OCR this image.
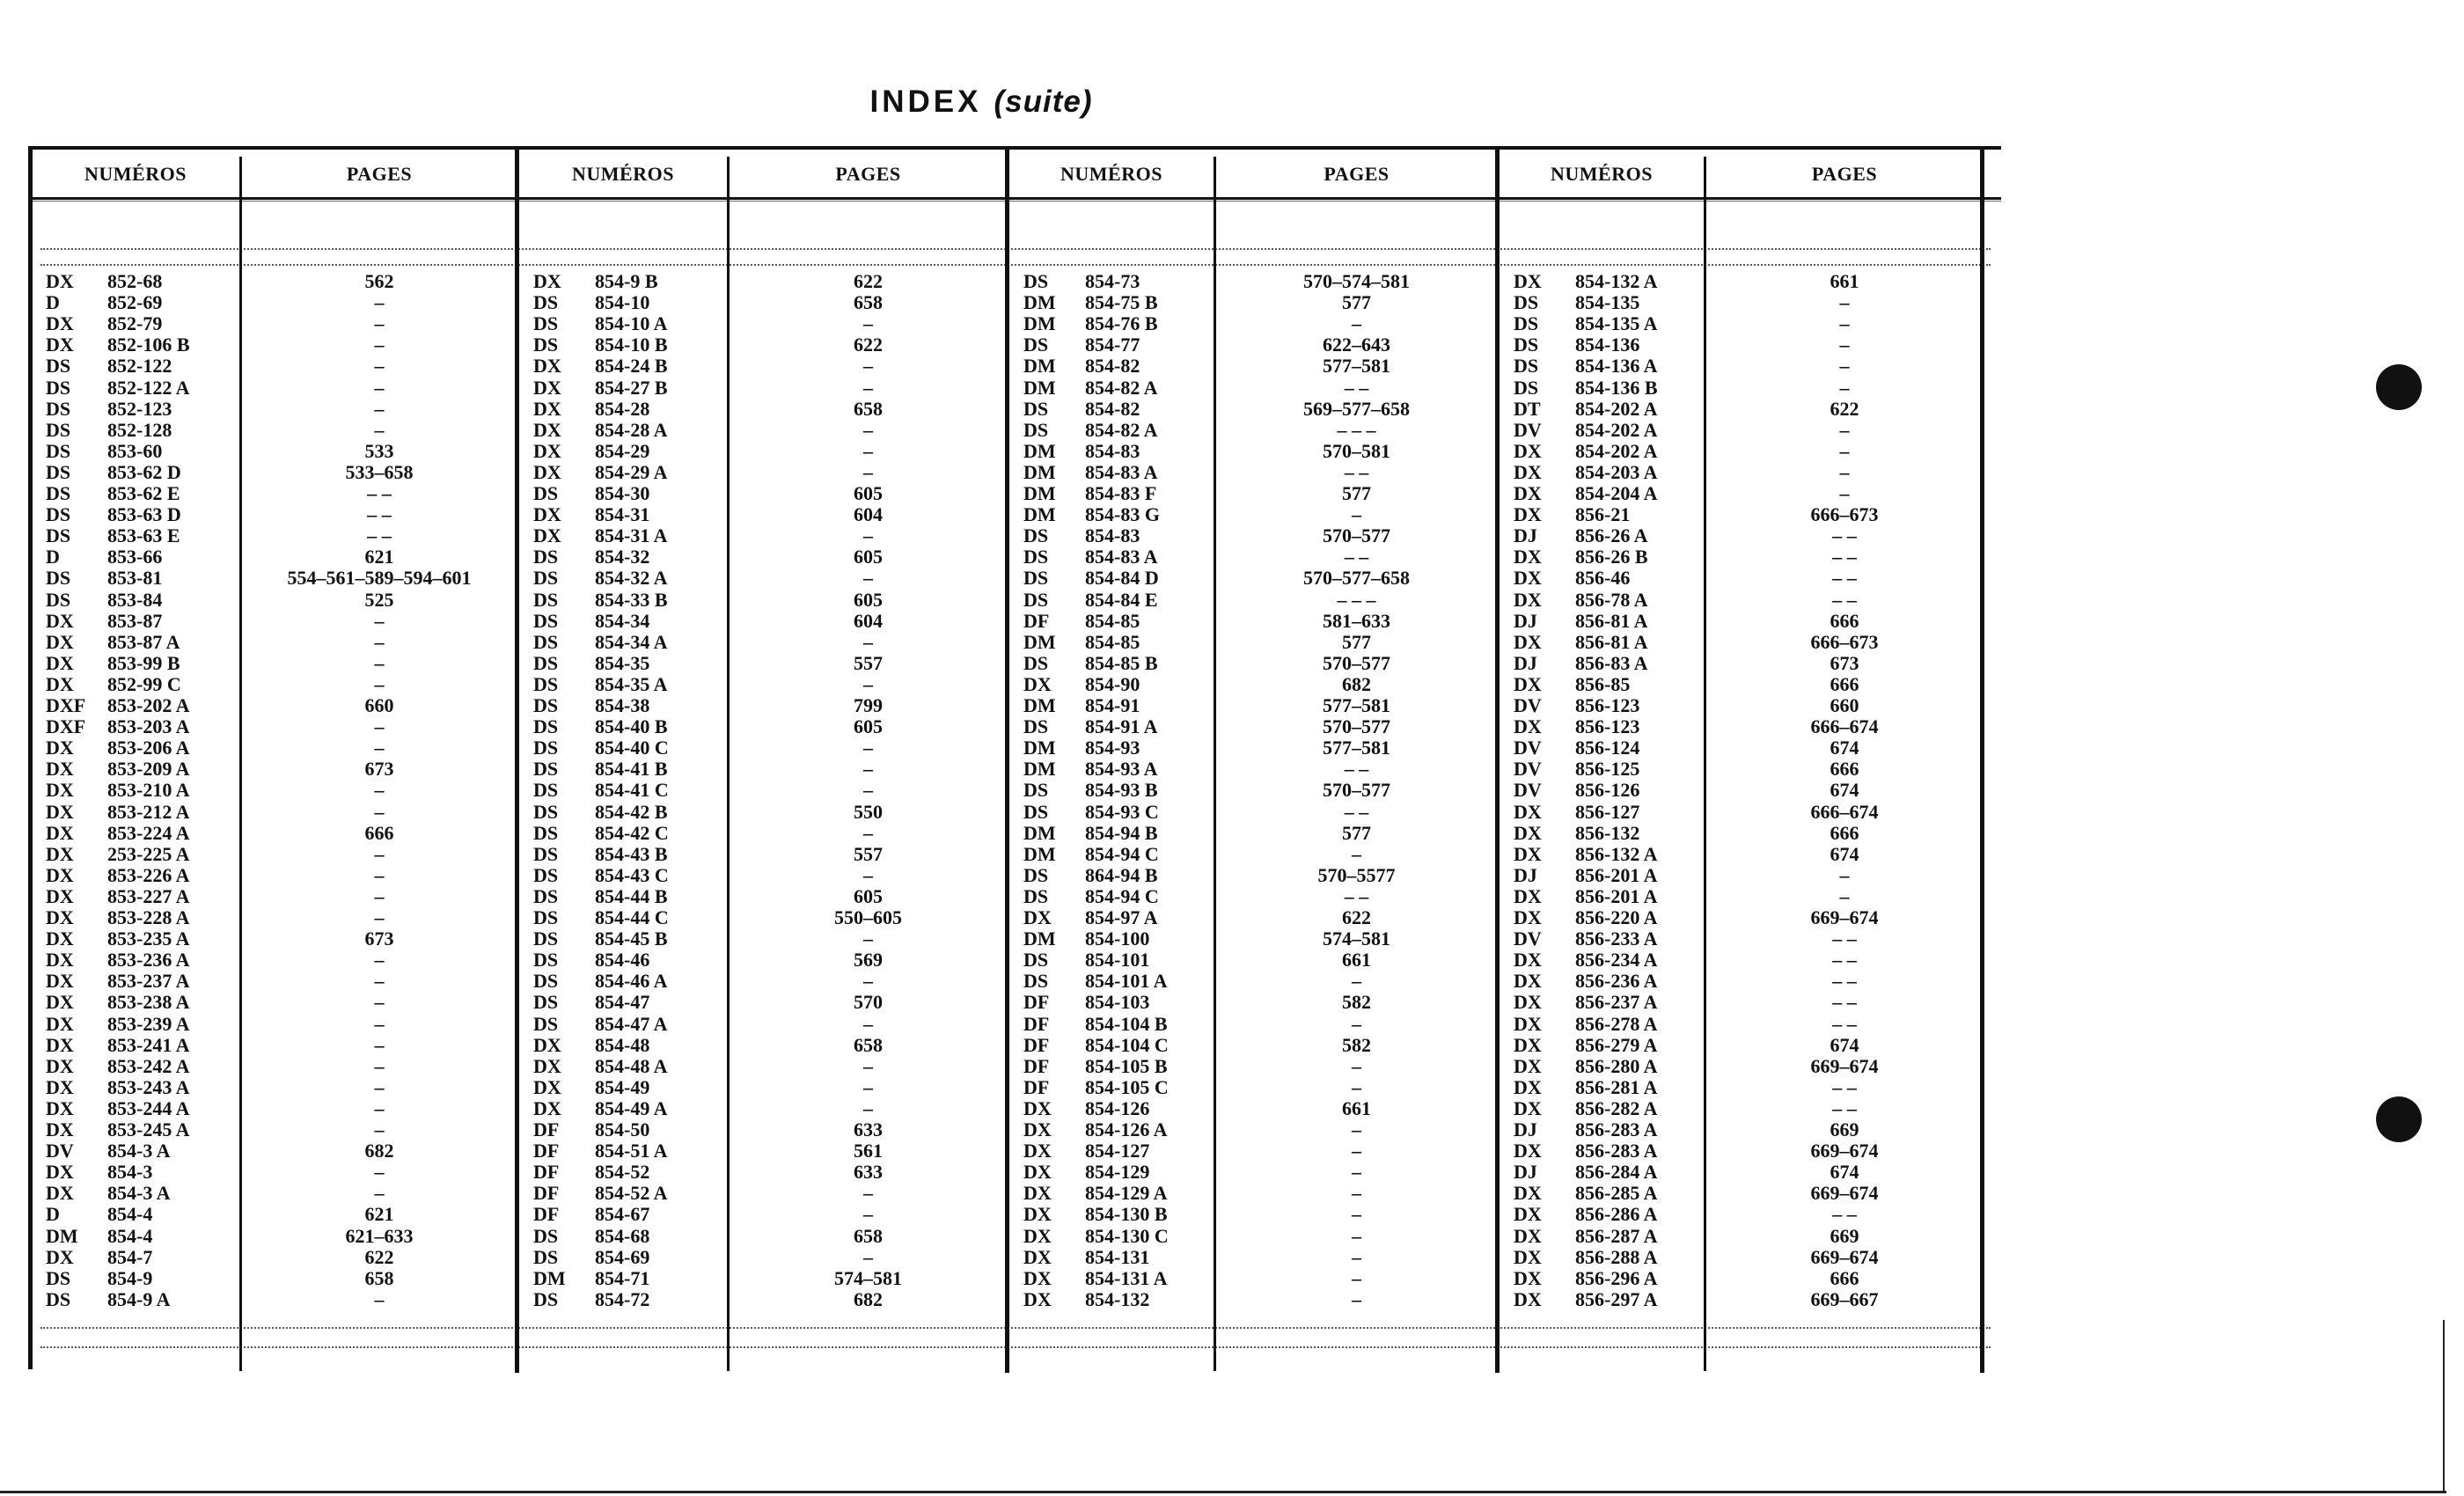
INDEX (suite)
NUMÉROS	PAGES
DX 852-68	562
D 852-69	–
DX 852-79	–
DX 852-106 B	–
DS 852-122	–
DS 852-122 A	–
DS 852-123	–
DS 852-128	–
DS 853-60	533
DS 853-62 D	533–658
DS 853-62 E	– –
DS 853-63 D	– –
DS 853-63 E	– –
D 853-66	621
DS 853-81	554–561–589–594–601
DS 853-84	525
DX 853-87	–
DX 853-87 A	–
DX 853-99 B	–
DX 852-99 C	–
DXF 853-202 A	660
DXF 853-203 A	–
DX 853-206 A	–
DX 853-209 A	673
DX 853-210 A	–
DX 853-212 A	–
DX 853-224 A	666
DX 253-225 A	–
DX 853-226 A	–
DX 853-227 A	–
DX 853-228 A	–
DX 853-235 A	673
DX 853-236 A	–
DX 853-237 A	–
DX 853-238 A	–
DX 853-239 A	–
DX 853-241 A	–
DX 853-242 A	–
DX 853-243 A	–
DX 853-244 A	–
DX 853-245 A	–
DV 854-3 A	682
DX 854-3	–
DX 854-3 A	–
D 854-4	621
DM 854-4	621–633
DX 854-7	622
DS 854-9	658
DS 854-9 A	–
NUMÉROS	PAGES
DX 854-9 B	622
DS 854-10	658
DS 854-10 A	–
DS 854-10 B	622
DX 854-24 B	–
DX 854-27 B	–
DX 854-28	658
DX 854-28 A	–
DX 854-29	–
DX 854-29 A	–
DS 854-30	605
DX 854-31	604
DX 854-31 A	–
DS 854-32	605
DS 854-32 A	–
DS 854-33 B	605
DS 854-34	604
DS 854-34 A	–
DS 854-35	557
DS 854-35 A	–
DS 854-38	799
DS 854-40 B	605
DS 854-40 C	–
DS 854-41 B	–
DS 854-41 C	–
DS 854-42 B	550
DS 854-42 C	–
DS 854-43 B	557
DS 854-43 C	–
DS 854-44 B	605
DS 854-44 C	550–605
DS 854-45 B	–
DS 854-46	569
DS 854-46 A	–
DS 854-47	570
DS 854-47 A	–
DX 854-48	658
DX 854-48 A	–
DX 854-49	–
DX 854-49 A	–
DF 854-50	633
DF 854-51 A	561
DF 854-52	633
DF 854-52 A	–
DF 854-67	–
DS 854-68	658
DS 854-69	–
DM 854-71	574–581
DS 854-72	682
NUMÉROS	PAGES
DS 854-73	570–574–581
DM 854-75 B	577
DM 854-76 B	–
DS 854-77	622–643
DM 854-82	577–581
DM 854-82 A	– –
DS 854-82	569–577–658
DS 854-82 A	– – –
DM 854-83	570–581
DM 854-83 A	– –
DM 854-83 F	577
DM 854-83 G	–
DS 854-83	570–577
DS 854-83 A	– –
DS 854-84 D	570–577–658
DS 854-84 E	– – –
DF 854-85	581–633
DM 854-85	577
DS 854-85 B	570–577
DX 854-90	682
DM 854-91	577–581
DS 854-91 A	570–577
DM 854-93	577–581
DM 854-93 A	– –
DS 854-93 B	570–577
DS 854-93 C	– –
DM 854-94 B	577
DM 854-94 C	–
DS 864-94 B	570–5577
DS 854-94 C	– –
DX 854-97 A	622
DM 854-100	574–581
DS 854-101	661
DS 854-101 A	–
DF 854-103	582
DF 854-104 B	–
DF 854-104 C	582
DF 854-105 B	–
DF 854-105 C	–
DX 854-126	661
DX 854-126 A	–
DX 854-127	–
DX 854-129	–
DX 854-129 A	–
DX 854-130 B	–
DX 854-130 C	–
DX 854-131	–
DX 854-131 A	–
DX 854-132	–
NUMÉROS	PAGES
DX 854-132 A	661
DS 854-135	–
DS 854-135 A	–
DS 854-136	–
DS 854-136 A	–
DS 854-136 B	–
DT 854-202 A	622
DV 854-202 A	–
DX 854-202 A	–
DX 854-203 A	–
DX 854-204 A	–
DX 856-21	666–673
DJ 856-26 A	– –
DX 856-26 B	– –
DX 856-46	– –
DX 856-78 A	– –
DJ 856-81 A	666
DX 856-81 A	666–673
DJ 856-83 A	673
DX 856-85	666
DV 856-123	660
DX 856-123	666–674
DV 856-124	674
DV 856-125	666
DV 856-126	674
DX 856-127	666–674
DX 856-132	666
DX 856-132 A	674
DJ 856-201 A	–
DX 856-201 A	–
DX 856-220 A	669–674
DV 856-233 A	– –
DX 856-234 A	– –
DX 856-236 A	– –
DX 856-237 A	– –
DX 856-278 A	– –
DX 856-279 A	674
DX 856-280 A	669–674
DX 856-281 A	– –
DX 856-282 A	– –
DJ 856-283 A	669
DX 856-283 A	669–674
DJ 856-284 A	674
DX 856-285 A	669–674
DX 856-286 A	– –
DX 856-287 A	669
DX 856-288 A	669–674
DX 856-296 A	666
DX 856-297 A	669–667
